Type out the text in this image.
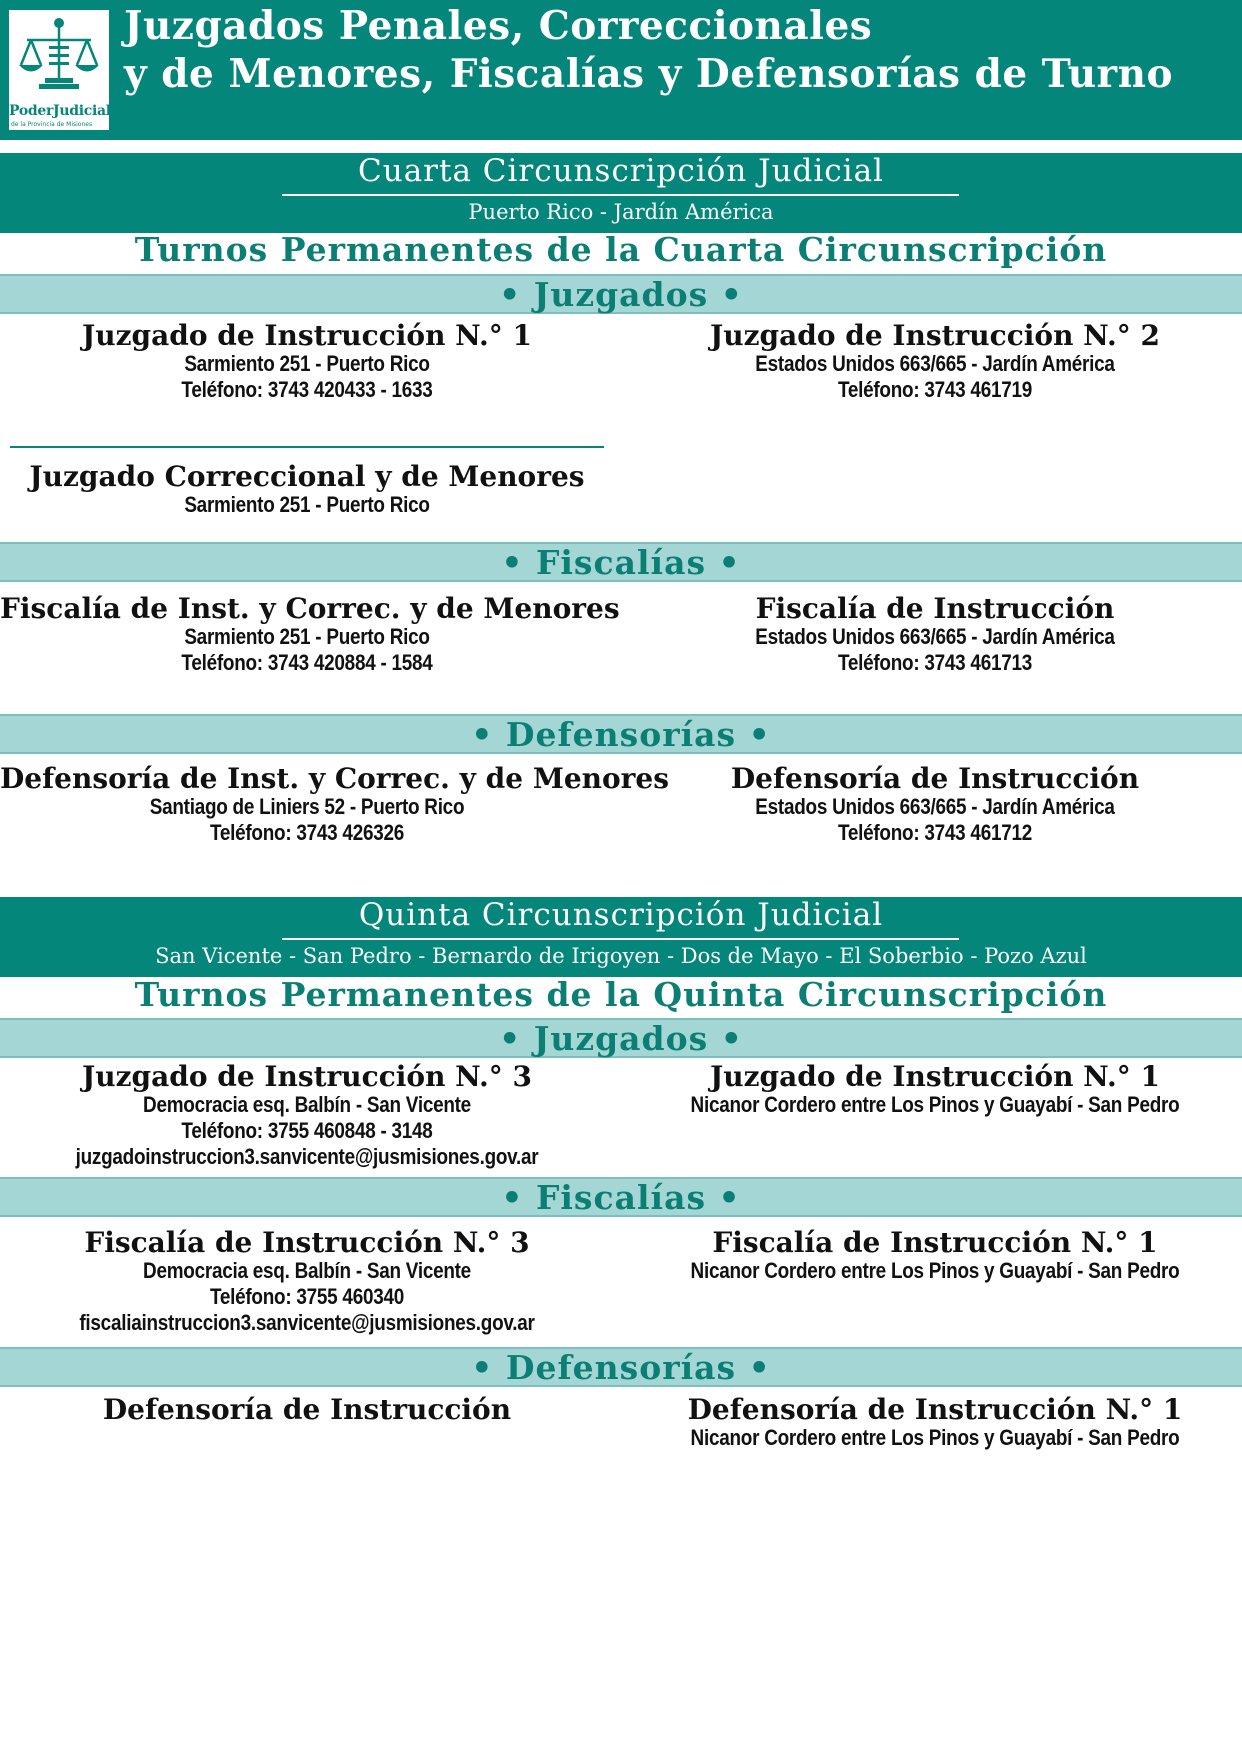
PoderJudicial
de la Provincia de Misiones
Juzgados Penales, Correccionales
y de Menores, Fiscalías y Defensorías de Turno
Cuarta Circunscripción Judicial
Puerto Rico - Jardín América
Turnos Permanentes de la Cuarta Circunscripción
• Juzgados •
Juzgado de Instrucción N.° 1
Sarmiento 251 - Puerto Rico
Teléfono: 3743 420433 - 1633
Juzgado de Instrucción N.° 2
Estados Unidos 663/665 - Jardín América
Teléfono: 3743 461719
Juzgado Correccional y de Menores
Sarmiento 251 - Puerto Rico
• Fiscalías •
Fiscalía de Inst. y Correc. y de Menores
Sarmiento 251 - Puerto Rico
Teléfono: 3743 420884 - 1584
Fiscalía de Instrucción
Estados Unidos 663/665 - Jardín América
Teléfono: 3743 461713
• Defensorías •
Defensoría de Inst. y Correc. y de Menores
Santiago de Liniers 52 - Puerto Rico
Teléfono: 3743 426326
Defensoría de Instrucción
Estados Unidos 663/665 - Jardín América
Teléfono: 3743 461712
Quinta Circunscripción Judicial
San Vicente - San Pedro - Bernardo de Irigoyen - Dos de Mayo - El Soberbio - Pozo Azul
Turnos Permanentes de la Quinta Circunscripción
• Juzgados •
Juzgado de Instrucción N.° 3
Democracia esq. Balbín - San Vicente
Teléfono: 3755 460848 - 3148
juzgadoinstruccion3.sanvicente@jusmisiones.gov.ar
Juzgado de Instrucción N.° 1
Nicanor Cordero entre Los Pinos y Guayabí - San Pedro
• Fiscalías •
Fiscalía de Instrucción N.° 3
Democracia esq. Balbín - San Vicente
Teléfono: 3755 460340
fiscaliainstruccion3.sanvicente@jusmisiones.gov.ar
Fiscalía de Instrucción N.° 1
Nicanor Cordero entre Los Pinos y Guayabí - San Pedro
• Defensorías •
Defensoría de Instrucción	Defensoría de Instrucción N.° 1
Nicanor Cordero entre Los Pinos y Guayabí - San Pedro
